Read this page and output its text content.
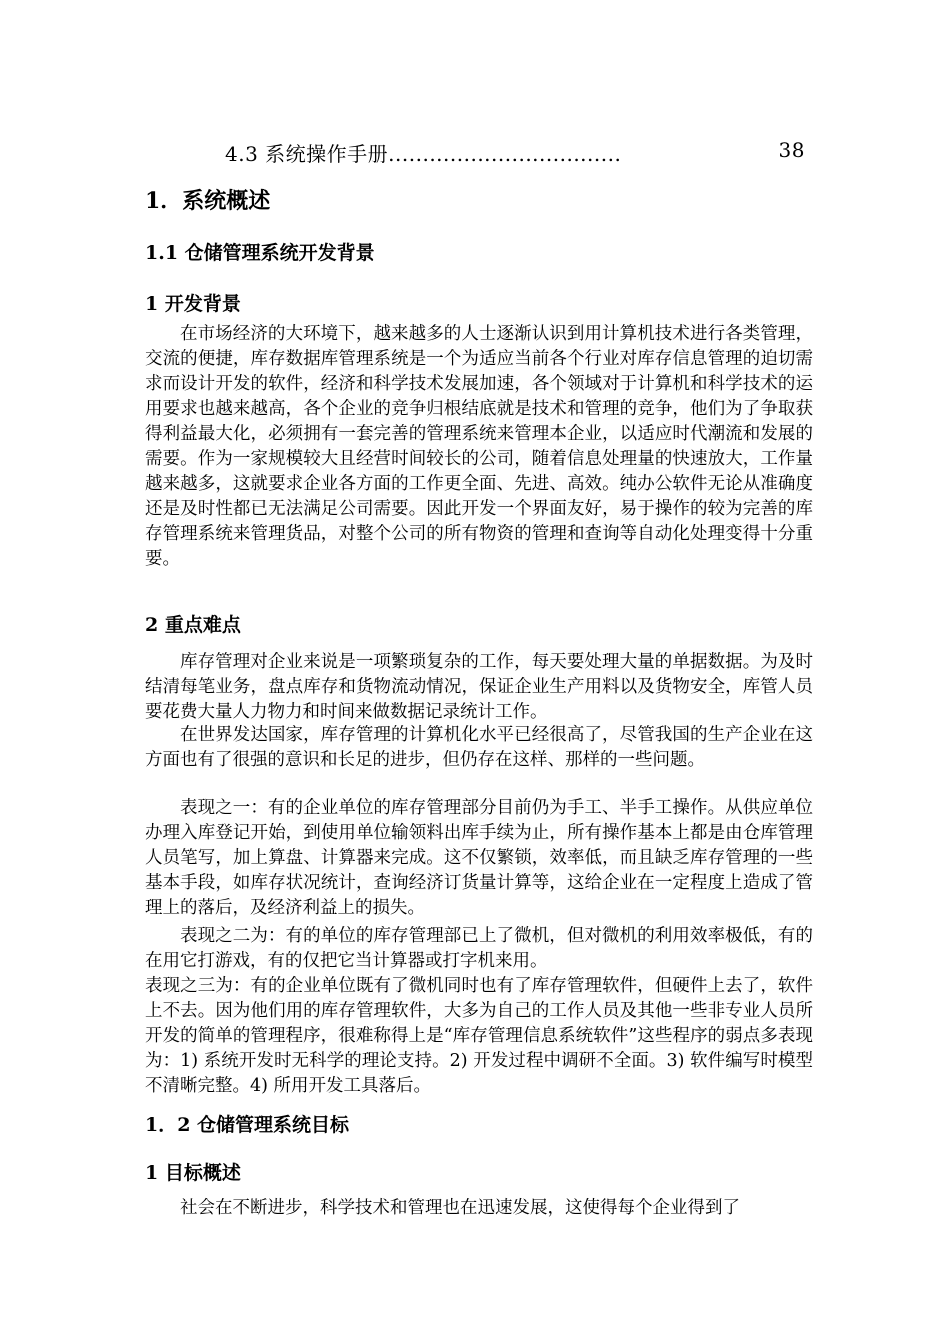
4.3 系统操作手册..................................	38
1．系统概述
1.1 仓储管理系统开发背景
1 开发背景
在市场经济的大环境下，越来越多的人士逐渐认识到用计算机技术进行各类管理，交流的便捷，库存数据库管理系统是一个为适应当前各个行业对库存信息管理的迫切需求而设计开发的软件，经济和科学技术发展加速，各个领域对于计算机和科学技术的运用要求也越来越高，各个企业的竞争归根结底就是技术和管理的竞争，他们为了争取获得利益最大化，必须拥有一套完善的管理系统来管理本企业，以适应时代潮流和发展的需要。作为一家规模较大且经营时间较长的公司，随着信息处理量的快速放大，工作量越来越多，这就要求企业各方面的工作更全面、先进、高效。纯办公软件无论从准确度还是及时性都已无法满足公司需要。因此开发一个界面友好，易于操作的较为完善的库存管理系统来管理货品，对整个公司的所有物资的管理和查询等自动化处理变得十分重要。
2 重点难点
库存管理对企业来说是一项繁琐复杂的工作，每天要处理大量的单据数据。为及时结清每笔业务，盘点库存和货物流动情况，保证企业生产用料以及货物安全，库管人员要花费大量人力物力和时间来做数据记录统计工作。
在世界发达国家，库存管理的计算机化水平已经很高了，尽管我国的生产企业在这方面也有了很强的意识和长足的进步，但仍存在这样、那样的一些问题。
表现之一：有的企业单位的库存管理部分目前仍为手工、半手工操作。从供应单位办理入库登记开始，到使用单位输领料出库手续为止，所有操作基本上都是由仓库管理人员笔写，加上算盘、计算器来完成。这不仅繁锁，效率低，而且缺乏库存管理的一些基本手段，如库存状况统计，查询经济订货量计算等，这给企业在一定程度上造成了管理上的落后，及经济利益上的损失。
表现之二为：有的单位的库存管理部已上了微机，但对微机的利用效率极低，有的在用它打游戏，有的仅把它当计算器或打字机来用。
表现之三为：有的企业单位既有了微机同时也有了库存管理软件，但硬件上去了，软件上不去。因为他们用的库存管理软件，大多为自己的工作人员及其他一些非专业人员所开发的简单的管理程序，很难称得上是“库存管理信息系统软件”这些程序的弱点多表现为：1) 系统开发时无科学的理论支持。2) 开发过程中调研不全面。3) 软件编写时模型不清晰完整。4) 所用开发工具落后。
1．2 仓储管理系统目标
1 目标概述
社会在不断进步，科学技术和管理也在迅速发展，这使得每个企业得到了
